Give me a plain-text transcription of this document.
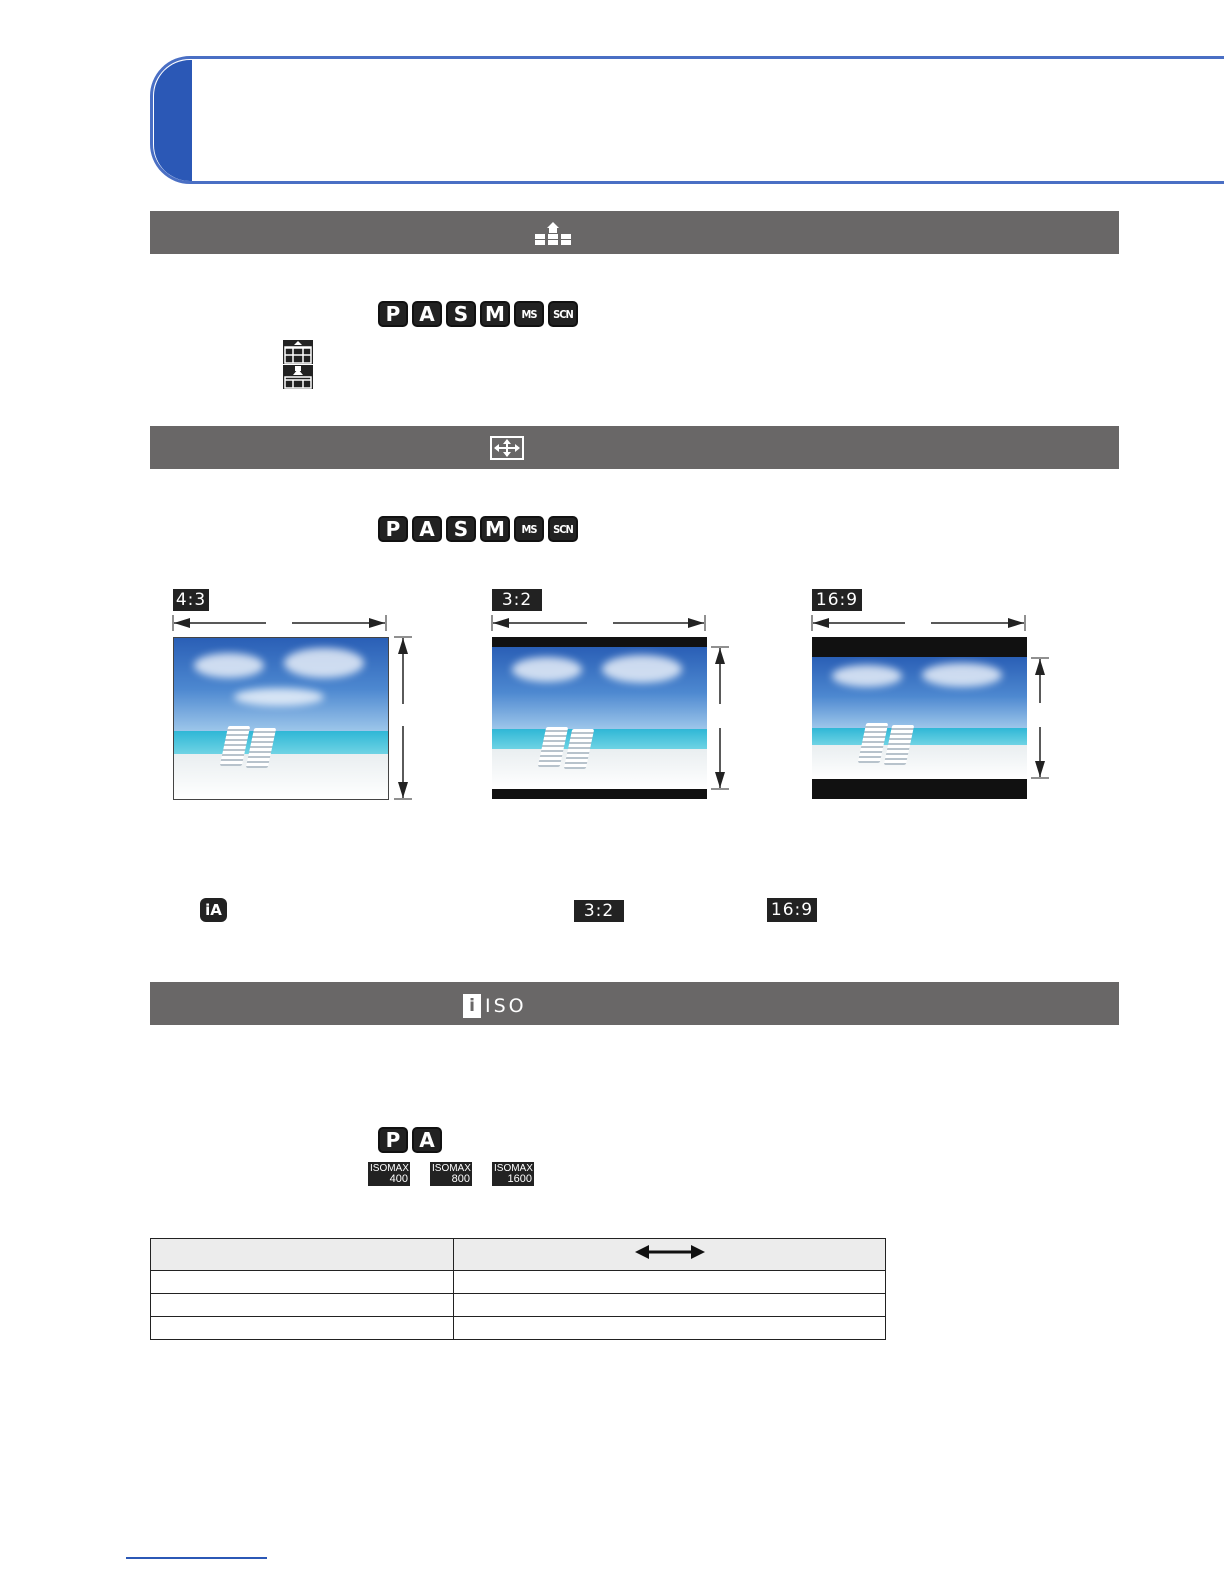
P A S M	MS	SCN
P A S M	MS	SCN
4:3	3:2	16:9
iA	3:2	16:9
i ISO
P A
ISOMAX
400
ISOMAX
800
ISOMAX
1600
